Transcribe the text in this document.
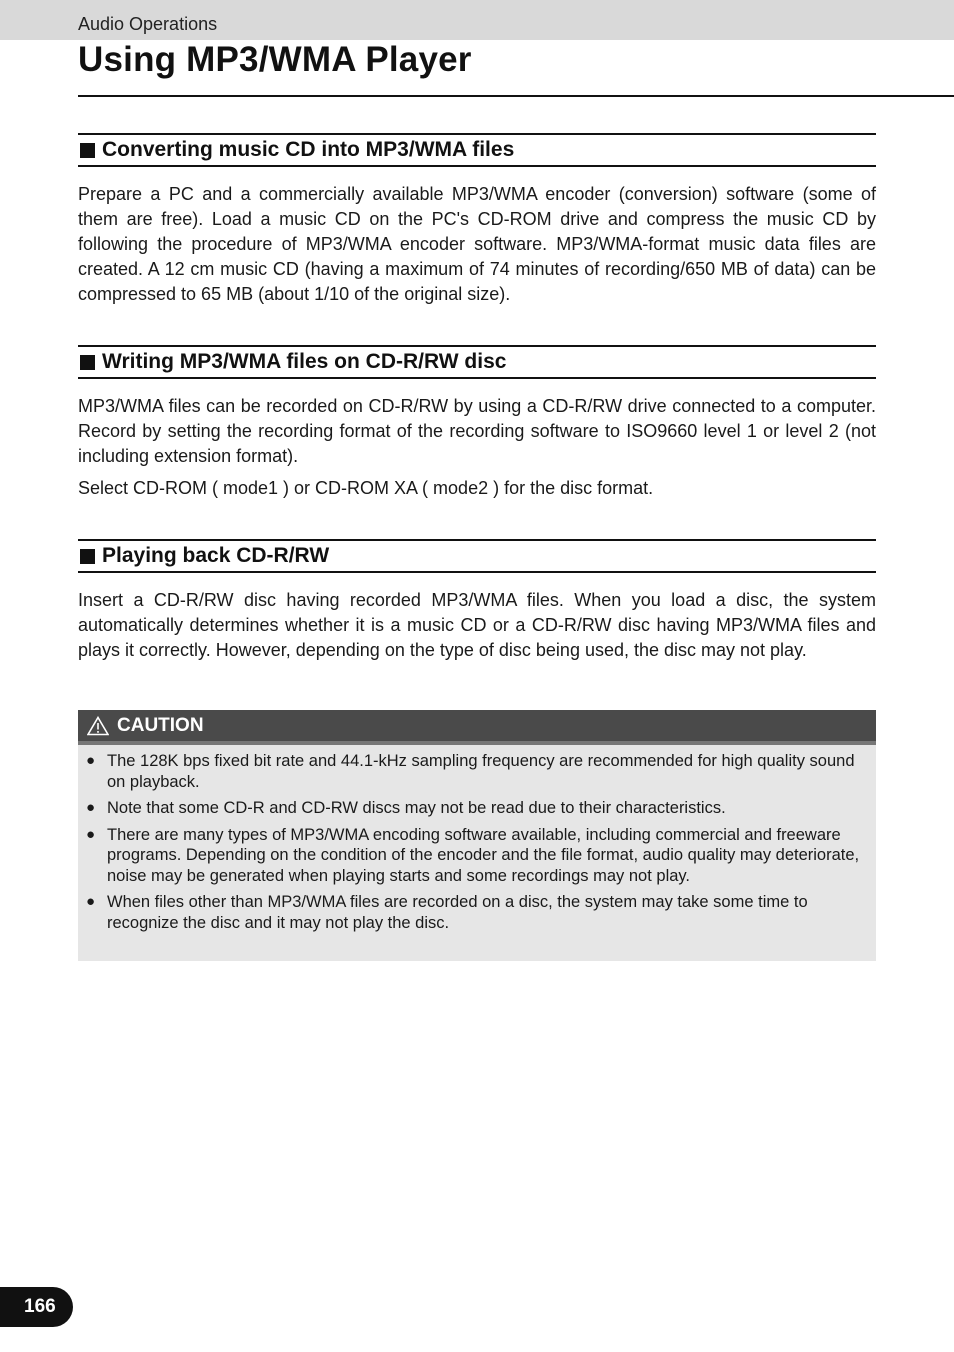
Audio Operations
Using MP3/WMA Player
Converting music CD into MP3/WMA files

Prepare a PC and a commercially available MP3/WMA encoder (conversion) software (some of them are free). Load a music CD on the PC's CD-ROM drive and compress the music CD by following the procedure of MP3/WMA encoder software. MP3/WMA-format music data files are created. A 12 cm music CD (having a maximum of 74 minutes of recording/650 MB of data) can be compressed to 65 MB (about 1/10 of the original size).

Writing MP3/WMA files on CD-R/RW disc

MP3/WMA files can be recorded on CD-R/RW by using a CD-R/RW drive connected to a computer. Record by setting the recording format of the recording software to ISO9660 level 1 or level 2 (not including extension format).

Select CD-ROM ( mode1 ) or CD-ROM XA ( mode2 ) for the disc format.

Playing back CD-R/RW

Insert a CD-R/RW disc having recorded MP3/WMA files. When you load a disc, the system automatically determines whether it is a music CD or a CD-R/RW disc having MP3/WMA files and plays it correctly. However, depending on the type of disc being used, the disc may not play.

CAUTION
● The 128K bps fixed bit rate and 44.1-kHz sampling frequency are recommended for high quality sound on playback.
● Note that some CD-R and CD-RW discs may not be read due to their characteristics.
● There are many types of MP3/WMA encoding software available, including commercial and freeware programs. Depending on the condition of the encoder and the file format, audio quality may deteriorate, noise may be generated when playing starts and some recordings may not play.
● When files other than MP3/WMA files are recorded on a disc, the system may take some time to recognize the disc and it may not play the disc.
166
